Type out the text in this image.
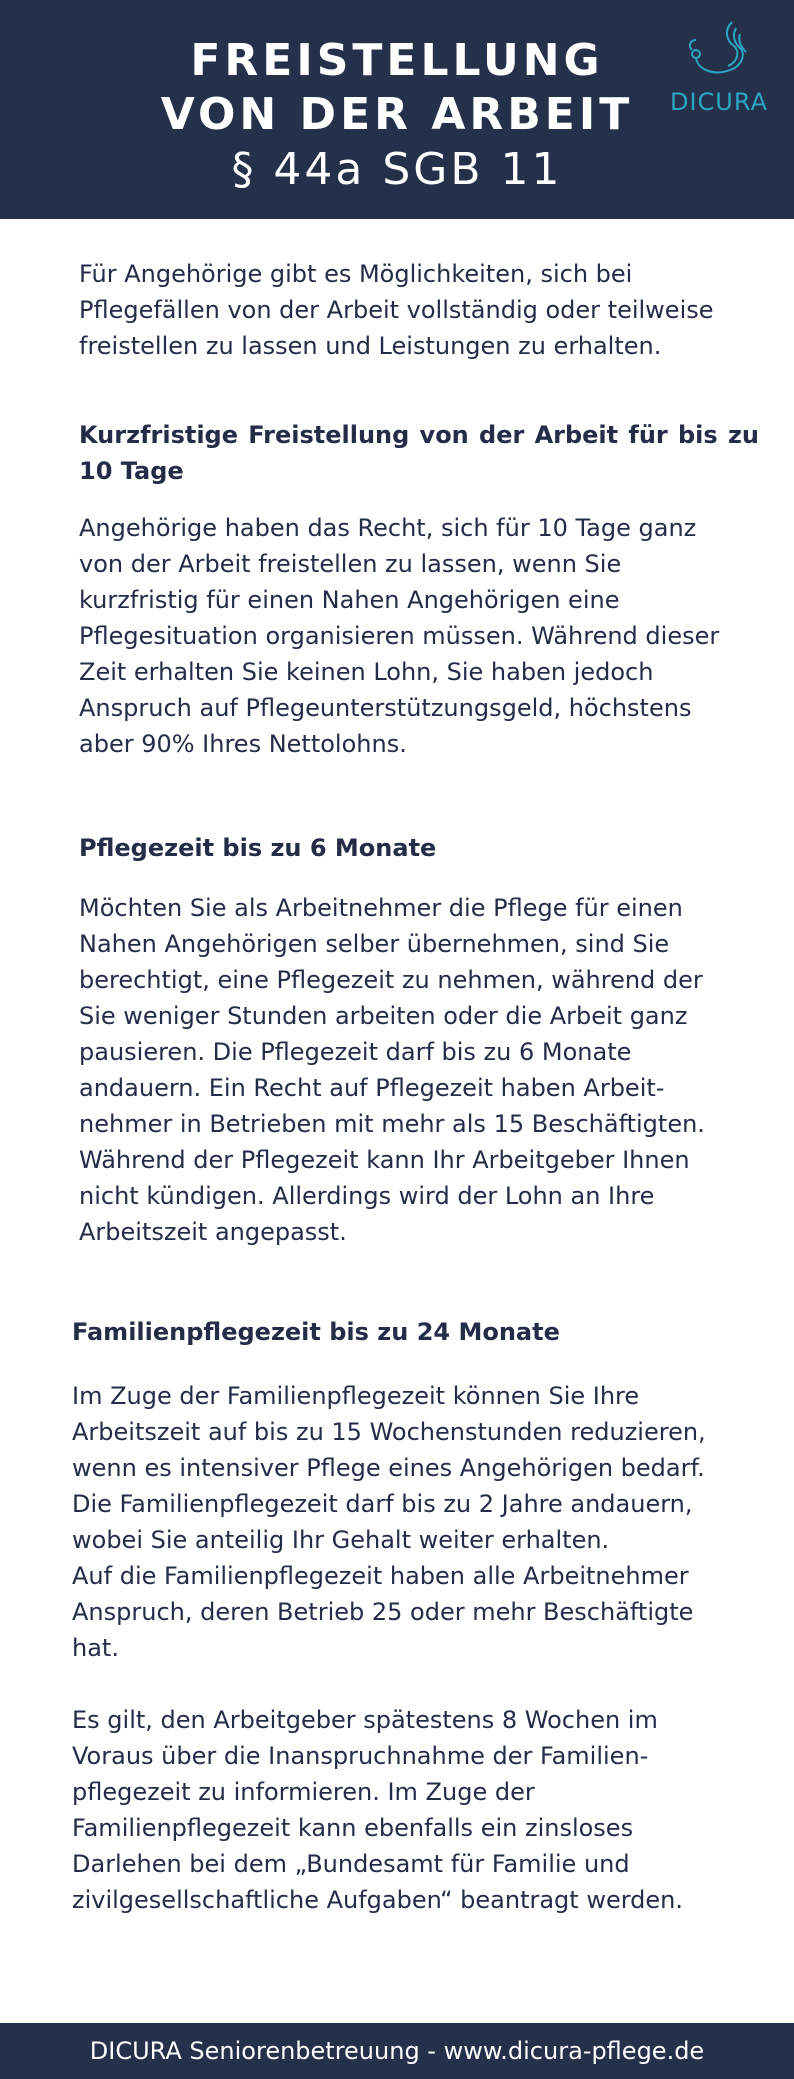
FREISTELLUNG
VON DER ARBEIT
§ 44a SGB 11
DICURA

Für Angehörige gibt es Möglichkeiten, sich bei
Pflegefällen von der Arbeit vollständig oder teilweise
freistellen zu lassen und Leistungen zu erhalten.

Kurzfristige Freistellung von der Arbeit für bis zu 10 Tage

Angehörige haben das Recht, sich für 10 Tage ganz
von der Arbeit freistellen zu lassen, wenn Sie
kurzfristig für einen Nahen Angehörigen eine
Pflegesituation organisieren müssen. Während dieser
Zeit erhalten Sie keinen Lohn, Sie haben jedoch
Anspruch auf Pflegeunterstützungsgeld, höchstens
aber 90% Ihres Nettolohns.

Pflegezeit bis zu 6 Monate

Möchten Sie als Arbeitnehmer die Pflege für einen
Nahen Angehörigen selber übernehmen, sind Sie
berechtigt, eine Pflegezeit zu nehmen, während der
Sie weniger Stunden arbeiten oder die Arbeit ganz
pausieren. Die Pflegezeit darf bis zu 6 Monate
andauern. Ein Recht auf Pflegezeit haben Arbeit-
nehmer in Betrieben mit mehr als 15 Beschäftigten.
Während der Pflegezeit kann Ihr Arbeitgeber Ihnen
nicht kündigen. Allerdings wird der Lohn an Ihre
Arbeitszeit angepasst.

Familienpflegezeit bis zu 24 Monate

Im Zuge der Familienpflegezeit können Sie Ihre
Arbeitszeit auf bis zu 15 Wochenstunden reduzieren,
wenn es intensiver Pflege eines Angehörigen bedarf.
Die Familienpflegezeit darf bis zu 2 Jahre andauern,
wobei Sie anteilig Ihr Gehalt weiter erhalten.
Auf die Familienpflegezeit haben alle Arbeitnehmer
Anspruch, deren Betrieb 25 oder mehr Beschäftigte
hat.

Es gilt, den Arbeitgeber spätestens 8 Wochen im
Voraus über die Inanspruchnahme der Familien-
pflegezeit zu informieren. Im Zuge der
Familienpflegezeit kann ebenfalls ein zinsloses
Darlehen bei dem „Bundesamt für Familie und
zivilgesellschaftliche Aufgaben“ beantragt werden.

DICURA Seniorenbetreuung - www.dicura-pflege.de
